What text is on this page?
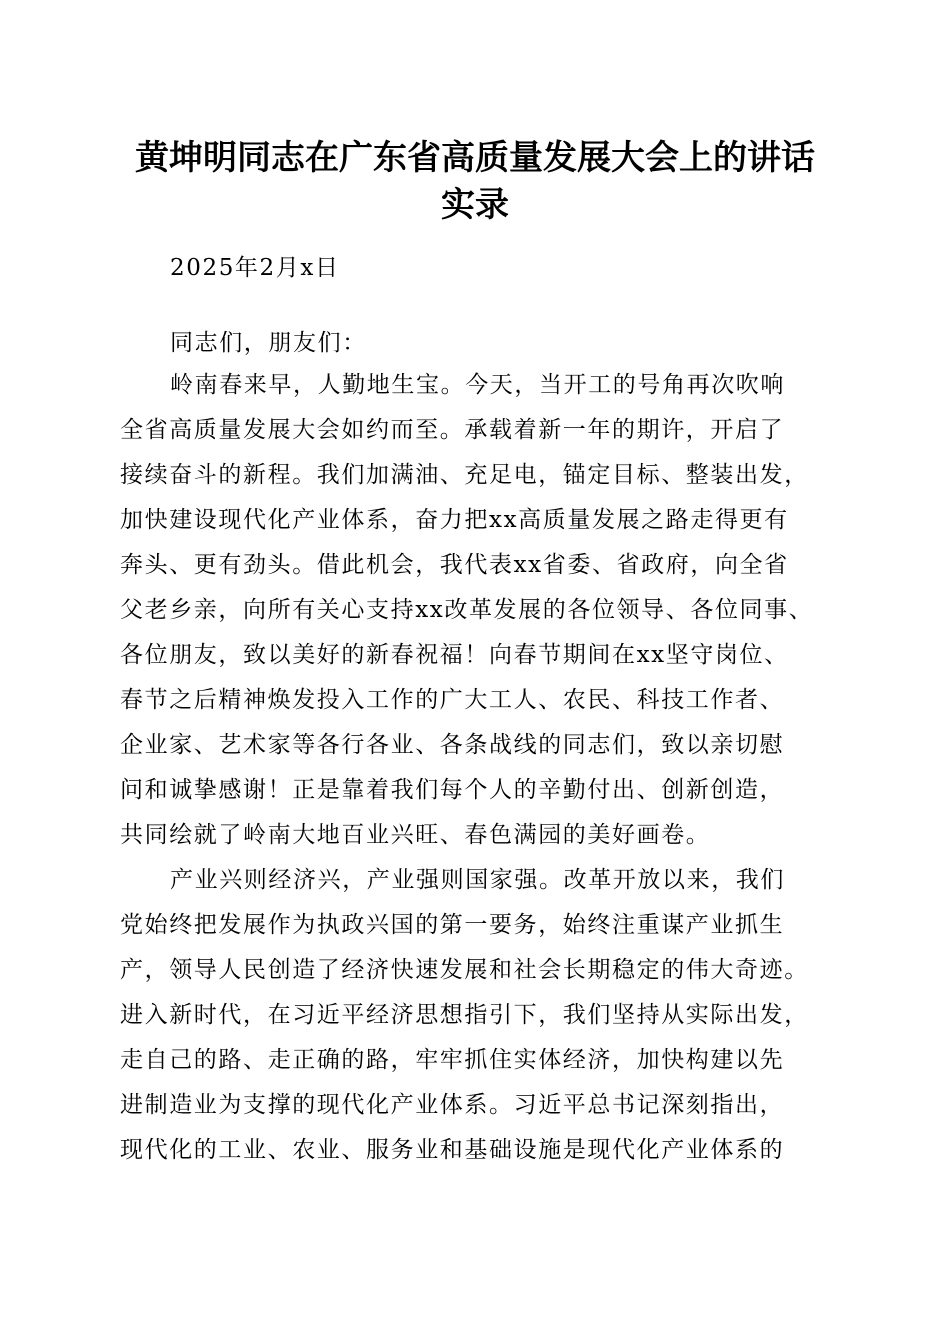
黄坤明同志在广东省高质量发展大会上的讲话
实录
2025年2月x日
同志们，朋友们：
岭南春来早，人勤地生宝。今天，当开工的号角再次吹响
全省高质量发展大会如约而至。承载着新一年的期许，开启了
接续奋斗的新程。我们加满油、充足电，锚定目标、整装出发，
加快建设现代化产业体系，奋力把xx高质量发展之路走得更有
奔头、更有劲头。借此机会，我代表xx省委、省政府，向全省
父老乡亲，向所有关心支持xx改革发展的各位领导、各位同事、
各位朋友，致以美好的新春祝福！向春节期间在xx坚守岗位、
春节之后精神焕发投入工作的广大工人、农民、科技工作者、
企业家、艺术家等各行各业、各条战线的同志们，致以亲切慰
问和诚挚感谢！正是靠着我们每个人的辛勤付出、创新创造，
共同绘就了岭南大地百业兴旺、春色满园的美好画卷。
产业兴则经济兴，产业强则国家强。改革开放以来，我们
党始终把发展作为执政兴国的第一要务，始终注重谋产业抓生
产，领导人民创造了经济快速发展和社会长期稳定的伟大奇迹。
进入新时代，在习近平经济思想指引下，我们坚持从实际出发，
走自己的路、走正确的路，牢牢抓住实体经济，加快构建以先
进制造业为支撑的现代化产业体系。习近平总书记深刻指出，
现代化的工业、农业、服务业和基础设施是现代化产业体系的
